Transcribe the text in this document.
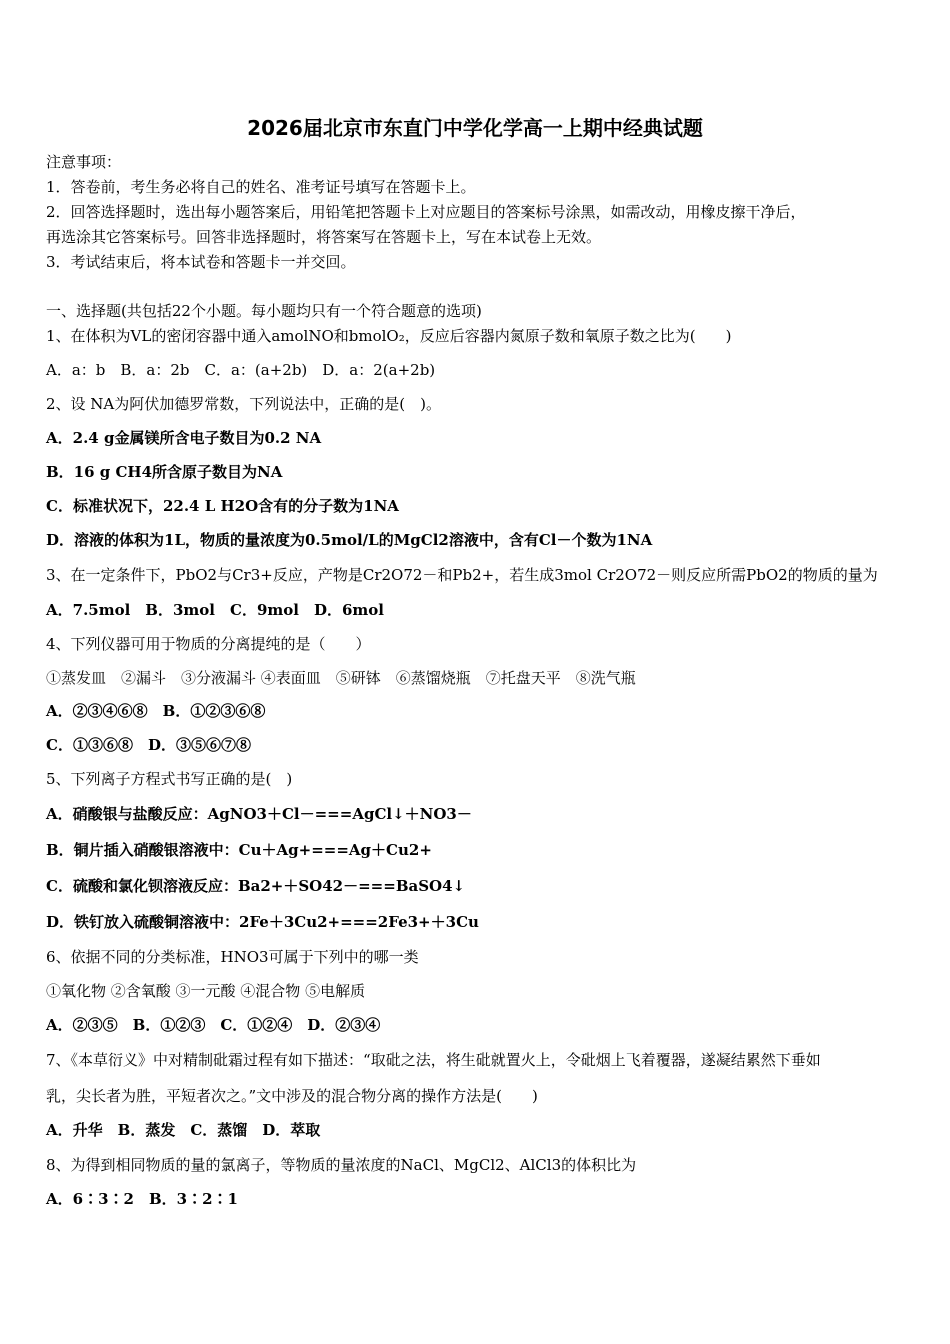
2026届北京市东直门中学化学高一上期中经典试题
注意事项：
1．答卷前，考生务必将自己的姓名、准考证号填写在答题卡上。
2．回答选择题时，选出每小题答案后，用铅笔把答题卡上对应题目的答案标号涂黑，如需改动，用橡皮擦干净后，
再选涂其它答案标号。回答非选择题时，将答案写在答题卡上，写在本试卷上无效。
3．考试结束后，将本试卷和答题卡一并交回。
一、选择题(共包括22个小题。每小题均只有一个符合题意的选项)
1、在体积为VL的密闭容器中通入amolNO和bmolO₂，反应后容器内氮原子数和氧原子数之比为(　　)
A．a：b　B．a：2b　C．a：(a+2b)　D．a：2(a+2b)
2、设 NA为阿伏加德罗常数，下列说法中，正确的是(　)。
A．2.4 g金属镁所含电子数目为0.2 NA
B．16 g CH4所含原子数目为NA
C．标准状况下，22.4 L H2O含有的分子数为1NA
D．溶液的体积为1L，物质的量浓度为0.5mol/L的MgCl2溶液中，含有Cl－个数为1NA
3、在一定条件下，PbO2与Cr3+反应，产物是Cr2O72－和Pb2+，若生成3mol Cr2O72－则反应所需PbO2的物质的量为
A．7.5mol　B．3mol　C．9mol　D．6mol
4、下列仪器可用于物质的分离提纯的是（　　）
①蒸发皿　②漏斗　③分液漏斗 ④表面皿　⑤研钵　⑥蒸馏烧瓶　⑦托盘天平　⑧洗气瓶
A．②③④⑥⑧　B．①②③⑥⑧
C．①③⑥⑧　D．③⑤⑥⑦⑧
5、下列离子方程式书写正确的是(　)
A．硝酸银与盐酸反应：AgNO3＋Cl－===AgCl↓＋NO3－
B．铜片插入硝酸银溶液中：Cu＋Ag+===Ag＋Cu2+
C．硫酸和氯化钡溶液反应：Ba2+＋SO42－===BaSO4↓
D．铁钉放入硫酸铜溶液中：2Fe＋3Cu2+===2Fe3+＋3Cu
6、依据不同的分类标准，HNO3可属于下列中的哪一类
①氧化物 ②含氧酸 ③一元酸 ④混合物 ⑤电解质
A．②③⑤　B．①②③　C．①②④　D．②③④
7、《本草衍义》中对精制砒霜过程有如下描述：“取砒之法，将生砒就置火上，令砒烟上飞着覆器，遂凝结累然下垂如
乳，尖长者为胜，平短者次之。”文中涉及的混合物分离的操作方法是(　　)
A．升华　B．蒸发　C．蒸馏　D．萃取
8、为得到相同物质的量的氯离子，等物质的量浓度的NaCl、MgCl2、AlCl3的体积比为
A．6∶3∶2　B．3∶2∶1
